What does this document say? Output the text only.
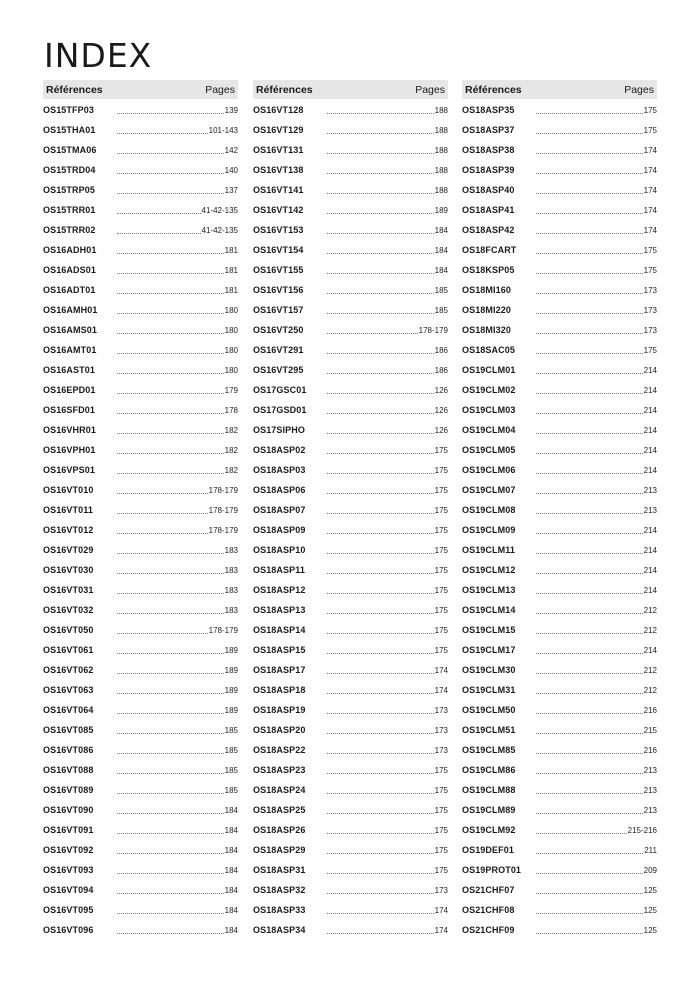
INDEX
Références	Pages
OS15TFP03	139
OS15THA01	101-143
OS15TMA06	142
OS15TRD04	140
OS15TRP05	137
OS15TRR01	41-42-135
OS15TRR02	41-42-135
OS16ADH01	181
OS16ADS01	181
OS16ADT01	181
OS16AMH01	180
OS16AMS01	180
OS16AMT01	180
OS16AST01	180
OS16EPD01	179
OS16SFD01	178
OS16VHR01	182
OS16VPH01	182
OS16VPS01	182
OS16VT010	178-179
OS16VT011	178-179
OS16VT012	178-179
OS16VT029	183
OS16VT030	183
OS16VT031	183
OS16VT032	183
OS16VT050	178-179
OS16VT061	189
OS16VT062	189
OS16VT063	189
OS16VT064	189
OS16VT085	185
OS16VT086	185
OS16VT088	185
OS16VT089	185
OS16VT090	184
OS16VT091	184
OS16VT092	184
OS16VT093	184
OS16VT094	184
OS16VT095	184
OS16VT096	184
Références	Pages
OS16VT128	188
OS16VT129	188
OS16VT131	188
OS16VT138	188
OS16VT141	188
OS16VT142	189
OS16VT153	184
OS16VT154	184
OS16VT155	184
OS16VT156	185
OS16VT157	185
OS16VT250	178-179
OS16VT291	186
OS16VT295	186
OS17GSC01	126
OS17GSD01	126
OS17SIPHO	126
OS18ASP02	175
OS18ASP03	175
OS18ASP06	175
OS18ASP07	175
OS18ASP09	175
OS18ASP10	175
OS18ASP11	175
OS18ASP12	175
OS18ASP13	175
OS18ASP14	175
OS18ASP15	175
OS18ASP17	174
OS18ASP18	174
OS18ASP19	173
OS18ASP20	173
OS18ASP22	173
OS18ASP23	175
OS18ASP24	175
OS18ASP25	175
OS18ASP26	175
OS18ASP29	175
OS18ASP31	175
OS18ASP32	173
OS18ASP33	174
OS18ASP34	174
Références	Pages
OS18ASP35	175
OS18ASP37	175
OS18ASP38	174
OS18ASP39	174
OS18ASP40	174
OS18ASP41	174
OS18ASP42	174
OS18FCART	175
OS18KSP05	175
OS18MI160	173
OS18MI220	173
OS18MI320	173
OS18SAC05	175
OS19CLM01	214
OS19CLM02	214
OS19CLM03	214
OS19CLM04	214
OS19CLM05	214
OS19CLM06	214
OS19CLM07	213
OS19CLM08	213
OS19CLM09	214
OS19CLM11	214
OS19CLM12	214
OS19CLM13	214
OS19CLM14	212
OS19CLM15	212
OS19CLM17	214
OS19CLM30	212
OS19CLM31	212
OS19CLM50	216
OS19CLM51	215
OS19CLM85	216
OS19CLM86	213
OS19CLM88	213
OS19CLM89	213
OS19CLM92	215-216
OS19DEF01	211
OS19PROT01	209
OS21CHF07	125
OS21CHF08	125
OS21CHF09	125
